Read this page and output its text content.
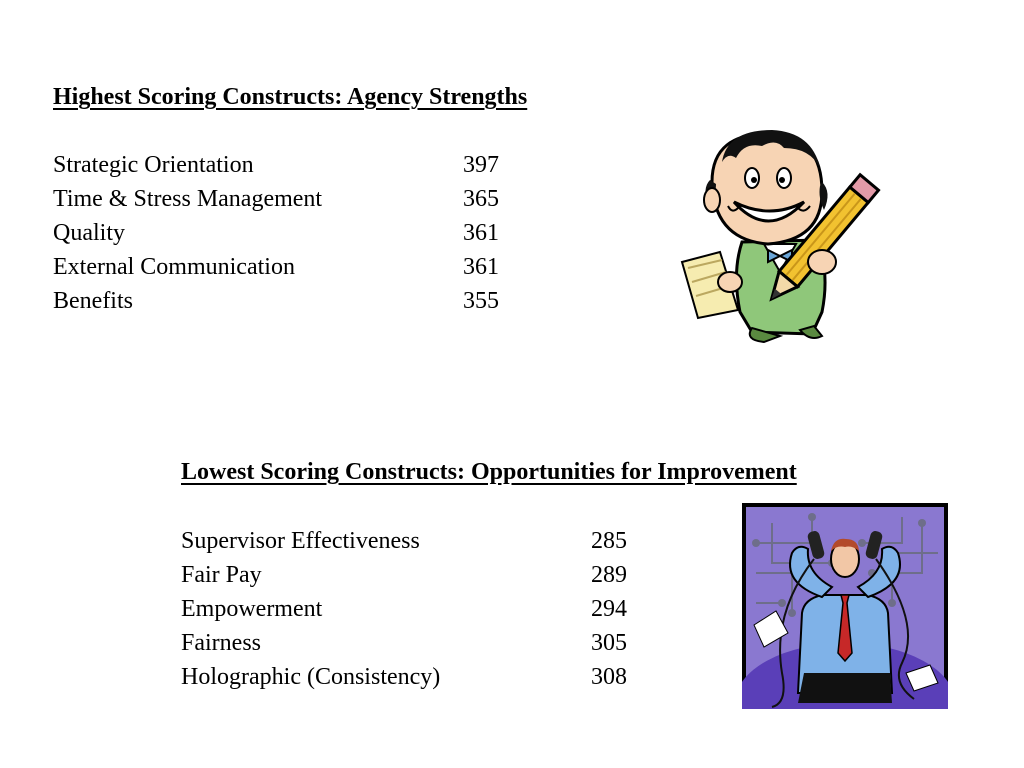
Highest Scoring Constructs: Agency Strengths
Strategic Orientation	397
Time & Stress Management	365
Quality	361
External Communication	361
Benefits	355
Lowest Scoring Constructs: Opportunities for Improvement
Supervisor Effectiveness	285
Fair Pay	289
Empowerment	294
Fairness	305
Holographic (Consistency)	308
